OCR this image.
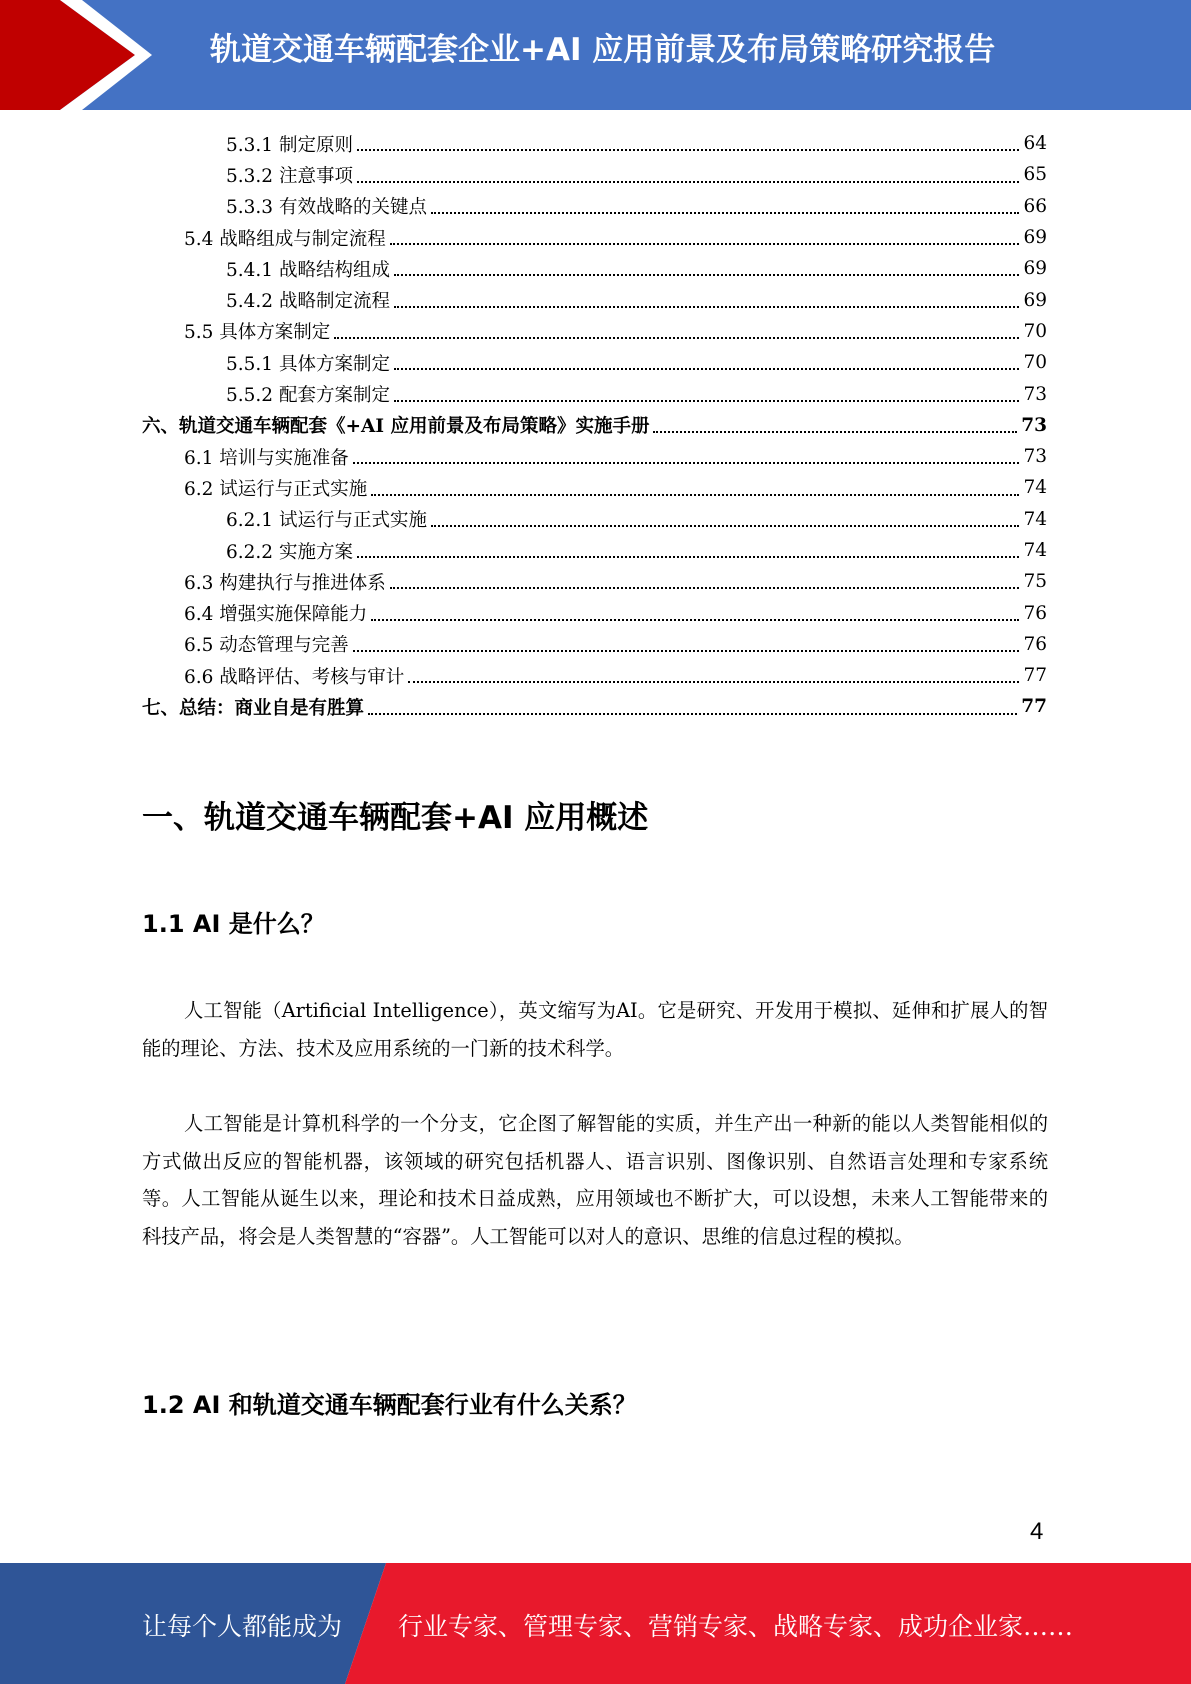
轨道交通车辆配套企业+AI 应用前景及布局策略研究报告
5.3.1 制定原则	64
5.3.2 注意事项	65
5.3.3 有效战略的关键点	66
5.4 战略组成与制定流程	69
5.4.1 战略结构组成	69
5.4.2 战略制定流程	69
5.5 具体方案制定	70
5.5.1 具体方案制定	70
5.5.2 配套方案制定	73
六、轨道交通车辆配套《+AI 应用前景及布局策略》实施手册	73
6.1 培训与实施准备	73
6.2 试运行与正式实施	74
6.2.1 试运行与正式实施	74
6.2.2 实施方案	74
6.3 构建执行与推进体系	75
6.4 增强实施保障能力	76
6.5 动态管理与完善	76
6.6 战略评估、考核与审计	77
七、总结：商业自是有胜算	77
一、轨道交通车辆配套+AI 应用概述
1.1 AI 是什么？
人工智能（Artificial Intelligence），英文缩写为AI。它是研究、开发用于模拟、延伸和扩展人的智能的理论、方法、技术及应用系统的一门新的技术科学。
人工智能是计算机科学的一个分支，它企图了解智能的实质，并生产出一种新的能以人类智能相似的方式做出反应的智能机器，该领域的研究包括机器人、语言识别、图像识别、自然语言处理和专家系统等。人工智能从诞生以来，理论和技术日益成熟，应用领域也不断扩大，可以设想，未来人工智能带来的科技产品，将会是人类智慧的“容器”。人工智能可以对人的意识、思维的信息过程的模拟。
1.2 AI 和轨道交通车辆配套行业有什么关系？
4
让每个人都能成为 行业专家、管理专家、营销专家、战略专家、成功企业家……
